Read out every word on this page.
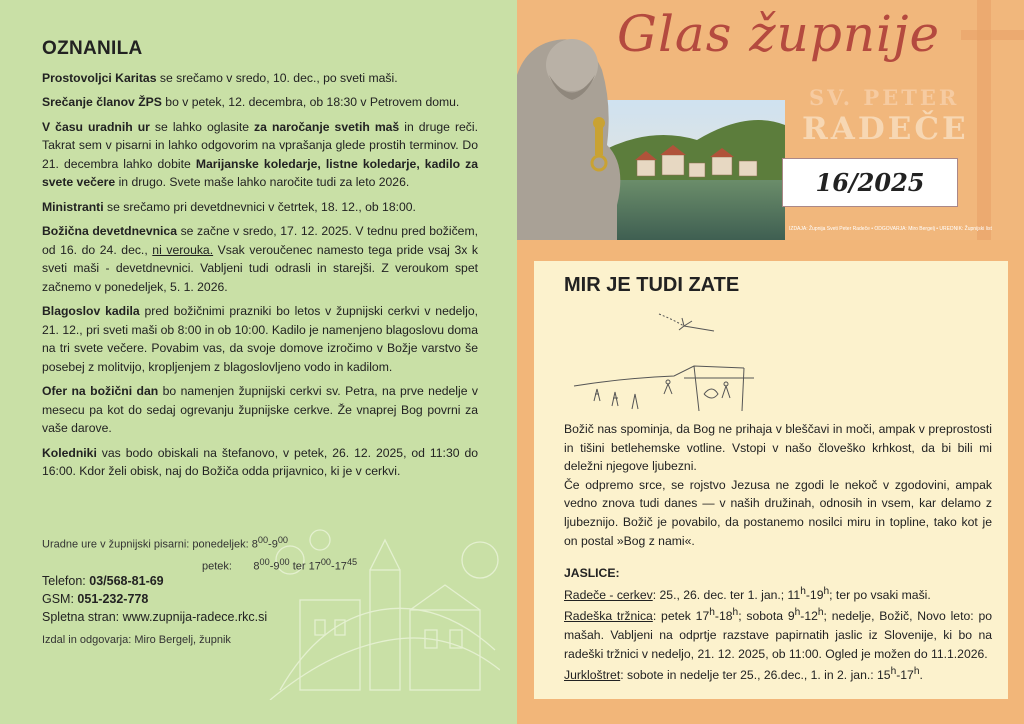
OZNANILA

Prostovoljci Karitas se srečamo v sredo, 10. dec., po sveti maši.

Srečanje članov ŽPS bo v petek, 12. decembra, ob 18:30 v Petrovem domu.

V času uradnih ur se lahko oglasite za naročanje svetih maš in druge reči. Takrat sem v pisarni in lahko odgovorim na vprašanja glede prostih terminov. Do 21. decembra lahko dobite Marijanske koledarje, listne koledarje, kadilo za svete večere in drugo. Svete maše lahko naročite tudi za leto 2026.

Ministranti se srečamo pri devetdnevnici v četrtek, 18. 12., ob 18:00.

Božična devetdnevnica se začne v sredo, 17. 12. 2025. V tednu pred božičem, od 16. do 24. dec., ni verouka. Vsak veroučenec namesto tega pride vsaj 3x k sveti maši - devetdnevnici. Vabljeni tudi odrasli in starejši. Z veroukom spet začnemo v ponedeljek, 5. 1. 2026.

Blagoslov kadila pred božičnimi prazniki bo letos v župnijski cerkvi v nedeljo, 21. 12., pri sveti maši ob 8:00 in ob 10:00. Kadilo je namenjeno blagoslovu doma na tri svete večere. Povabim vas, da svoje domove izročimo v Božje varstvo še posebej z molitvijo, kropljenjem z blagoslovljeno vodo in kadilom.

Ofer na božični dan bo namenjen župnijski cerkvi sv. Petra, na prve nedelje v mesecu pa kot do sedaj ogrevanju župnijske cerkve. Že vnaprej Bog povrni za vaše darove.

Koledniki vas bodo obiskali na štefanovo, v petek, 26. 12. 2025, od 11:30 do 16:00. Kdor želi obisk, naj do Božiča odda prijavnico, ki je v cerkvi.

Uradne ure v župnijski pisarni: ponedeljek: $8^{00}-9^{00}$
petek: $8^{00}-9^{00}$ ter $17^{00}-17^{45}$
Telefon: 03/568-81-69
GSM: 051-232-778
Spletna stran: www.zupnija-radece.rkc.si
Izdal in odgovarja: Miro Bergelj, župnik
Glas župnije
SV. PETER
RADEČE
16/2025
IZDAJA: Župnija Sveti Peter Radeče • ODGOVARJA: Miro Bergelj • UREDNIK: Župnijski list
MIR JE TUDI ZATE

Božič nas spominja, da Bog ne prihaja v bleščavi in moči, ampak v preprostosti in tišini betlehemske votline. Vstopi v našo človeško krhkost, da bi bili mi deležni njegove ljubezni.

Če odpremo srce, se rojstvo Jezusa ne zgodi le nekoč v zgodovini, ampak vedno znova tudi danes — v naših družinah, odnosih in vsem, kar delamo z ljubeznijo. Božič je povabilo, da postanemo nosilci miru in topline, tako kot je on postal »Bog z nami«.

JASLICE:

Radeče - cerkev: 25., 26. dec. ter 1. jan.; 11$^h$-19$^h$; ter po vsaki maši.

Radeška tržnica: petek 17$^h$-18$^h$; sobota 9$^h$-12$^h$; nedelje, Božič, Novo leto: po mašah. Vabljeni na odprtje razstave papirnatih jaslic iz Slovenije, ki bo na radeški tržnici v nedeljo, 21. 12. 2025, ob 11:00. Ogled je možen do 11.1.2026.

Jurkloštret: sobote in nedelje ter 25., 26.dec., 1. in 2. jan.: 15$^h$-17$^h$.
